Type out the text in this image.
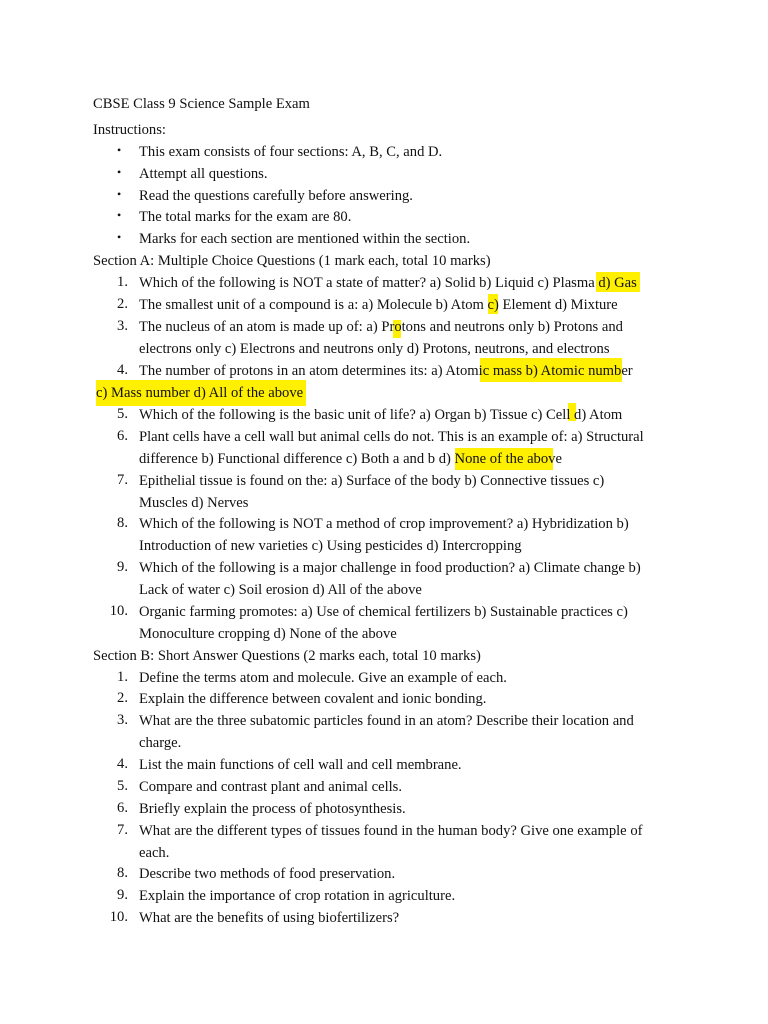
CBSE Class 9 Science Sample Exam
Instructions:
• This exam consists of four sections: A, B, C, and D.
• Attempt all questions.
• Read the questions carefully before answering.
• The total marks for the exam are 80.
• Marks for each section are mentioned within the section.
Section A: Multiple Choice Questions (1 mark each, total 10 marks)
1. Which of the following is NOT a state of matter? a) Solid b) Liquid c) Plasma d) Gas
2. The smallest unit of a compound is a: a) Molecule b) Atom c) Element d) Mixture
3. The nucleus of an atom is made up of: a) Protons and neutrons only b) Protons and
electrons only c) Electrons and neutrons only d) Protons, neutrons, and electrons
4. The number of protons in an atom determines its: a) Atomic mass b) Atomic number
c) Mass number d) All of the above
5. Which of the following is the basic unit of life? a) Organ b) Tissue c) Cell d) Atom
6. Plant cells have a cell wall but animal cells do not. This is an example of: a) Structural
difference b) Functional difference c) Both a and b d) None of the above
7. Epithelial tissue is found on the: a) Surface of the body b) Connective tissues c)
Muscles d) Nerves
8. Which of the following is NOT a method of crop improvement? a) Hybridization b)
Introduction of new varieties c) Using pesticides d) Intercropping
9. Which of the following is a major challenge in food production? a) Climate change b)
Lack of water c) Soil erosion d) All of the above
10. Organic farming promotes: a) Use of chemical fertilizers b) Sustainable practices c)
Monoculture cropping d) None of the above
Section B: Short Answer Questions (2 marks each, total 10 marks)
1. Define the terms atom and molecule. Give an example of each.
2. Explain the difference between covalent and ionic bonding.
3. What are the three subatomic particles found in an atom? Describe their location and
charge.
4. List the main functions of cell wall and cell membrane.
5. Compare and contrast plant and animal cells.
6. Briefly explain the process of photosynthesis.
7. What are the different types of tissues found in the human body? Give one example of
each.
8. Describe two methods of food preservation.
9. Explain the importance of crop rotation in agriculture.
10. What are the benefits of using biofertilizers?
